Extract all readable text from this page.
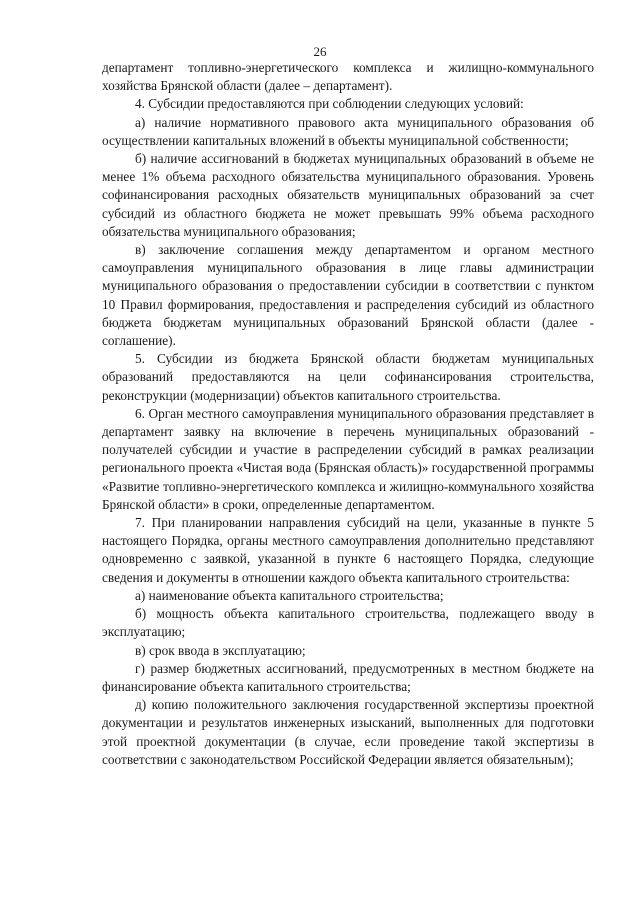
26

департамент топливно-энергетического комплекса и жилищно-коммунального хозяйства Брянской области (далее – департамент).

4. Субсидии предоставляются при соблюдении следующих условий:

а) наличие нормативного правового акта муниципального образования об осуществлении капитальных вложений в объекты муниципальной собственности;

б) наличие ассигнований в бюджетах муниципальных образований в объеме не менее 1% объема расходного обязательства муниципального образования. Уровень софинансирования расходных обязательств муниципальных образований за счет субсидий из областного бюджета не может превышать 99% объема расходного обязательства муниципального образования;

в) заключение соглашения между департаментом и органом местного самоуправления муниципального образования в лице главы администрации муниципального образования о предоставлении субсидии в соответствии с пунктом 10 Правил формирования, предоставления и распределения субсидий из областного бюджета бюджетам муниципальных образований Брянской области (далее - соглашение).

5. Субсидии из бюджета Брянской области бюджетам муниципальных образований предоставляются на цели софинансирования строительства, реконструкции (модернизации) объектов капитального строительства.

6. Орган местного самоуправления муниципального образования представляет в департамент заявку на включение в перечень муниципальных образований - получателей субсидии и участие в распределении субсидий в рамках реализации регионального проекта «Чистая вода (Брянская область)» государственной программы «Развитие топливно-энергетического комплекса и жилищно-коммунального хозяйства Брянской области» в сроки, определенные департаментом.

7. При планировании направления субсидий на цели, указанные в пункте 5 настоящего Порядка, органы местного самоуправления дополнительно представляют одновременно с заявкой, указанной в пункте 6 настоящего Порядка, следующие сведения и документы в отношении каждого объекта капитального строительства:

а) наименование объекта капитального строительства;

б) мощность объекта капитального строительства, подлежащего вводу в эксплуатацию;

в) срок ввода в эксплуатацию;

г) размер бюджетных ассигнований, предусмотренных в местном бюджете на финансирование объекта капитального строительства;

д) копию положительного заключения государственной экспертизы проектной документации и результатов инженерных изысканий, выполненных для подготовки этой проектной документации (в случае, если проведение такой экспертизы в соответствии с законодательством Российской Федерации является обязательным);
